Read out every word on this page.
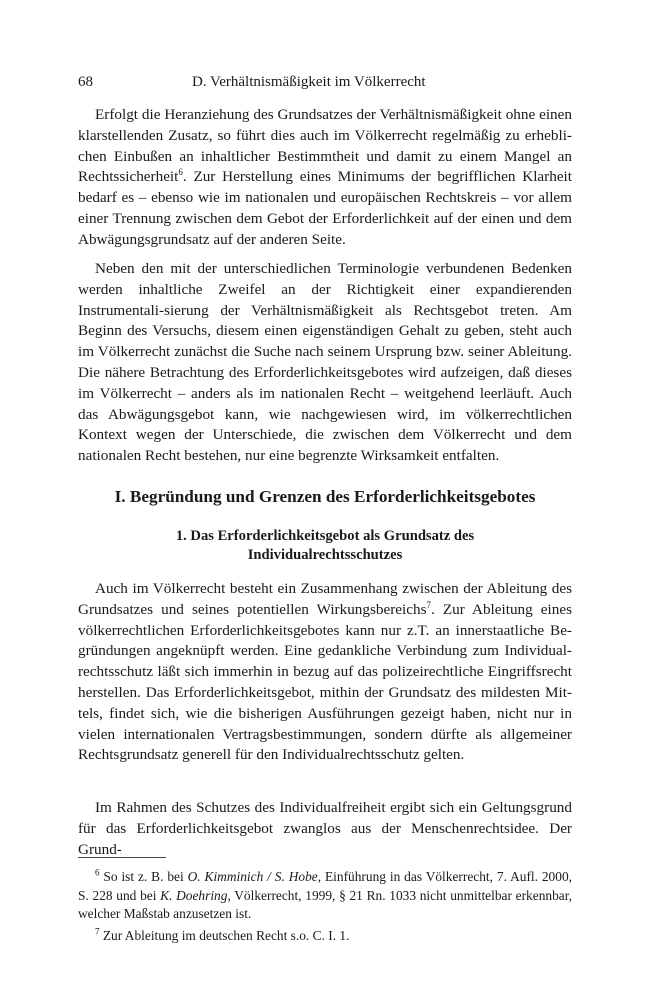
68	D. Verhältnismäßigkeit im Völkerrecht

Erfolgt die Heranziehung des Grundsatzes der Verhältnismäßigkeit ohne einen klarstellenden Zusatz, so führt dies auch im Völkerrecht regelmäßig zu erhebli-chen Einbußen an inhaltlicher Bestimmtheit und damit zu einem Mangel an Rechtssicherheit$^6$. Zur Herstellung eines Minimums der begrifflichen Klarheit bedarf es – ebenso wie im nationalen und europäischen Rechtskreis – vor allem einer Trennung zwischen dem Gebot der Erforderlichkeit auf der einen und dem Abwägungsgrundsatz auf der anderen Seite.

Neben den mit der unterschiedlichen Terminologie verbundenen Bedenken werden inhaltliche Zweifel an der Richtigkeit einer expandierenden Instrumentali-sierung der Verhältnismäßigkeit als Rechtsgebot treten. Am Beginn des Versuchs, diesem einen eigenständigen Gehalt zu geben, steht auch im Völkerrecht zunächst die Suche nach seinem Ursprung bzw. seiner Ableitung. Die nähere Betrachtung des Erforderlichkeitsgebotes wird aufzeigen, daß dieses im Völkerrecht – anders als im nationalen Recht – weitgehend leerläuft. Auch das Abwägungsgebot kann, wie nachgewiesen wird, im völkerrechtlichen Kontext wegen der Unterschiede, die zwischen dem Völkerrecht und dem nationalen Recht bestehen, nur eine begrenzte Wirksamkeit entfalten.

I. Begründung und Grenzen des Erforderlichkeitsgebotes
1. Das Erforderlichkeitsgebot als Grundsatz des
Individualrechtsschutzes

Auch im Völkerrecht besteht ein Zusammenhang zwischen der Ableitung des Grundsatzes und seines potentiellen Wirkungsbereichs$^7$. Zur Ableitung eines völkerrechtlichen Erforderlichkeitsgebotes kann nur z.T. an innerstaatliche Be-gründungen angeknüpft werden. Eine gedankliche Verbindung zum Individual-rechtsschutz läßt sich immerhin in bezug auf das polizeirechtliche Eingriffsrecht herstellen. Das Erforderlichkeitsgebot, mithin der Grundsatz des mildesten Mit-tels, findet sich, wie die bisherigen Ausführungen gezeigt haben, nicht nur in vielen internationalen Vertragsbestimmungen, sondern dürfte als allgemeiner Rechtsgrundsatz generell für den Individualrechtsschutz gelten.

Im Rahmen des Schutzes des Individualfreiheit ergibt sich ein Geltungsgrund für das Erforderlichkeitsgebot zwanglos aus der Menschenrechtsidee. Der Grund-

$^6$ So ist z. B. bei O. Kimminich / S. Hobe, Einführung in das Völkerrecht, 7. Aufl. 2000, S. 228 und bei K. Doehring, Völkerrecht, 1999, § 21 Rn. 1033 nicht unmittelbar erkennbar, welcher Maßstab anzusetzen ist.

$^7$ Zur Ableitung im deutschen Recht s.o. C. I. 1.
